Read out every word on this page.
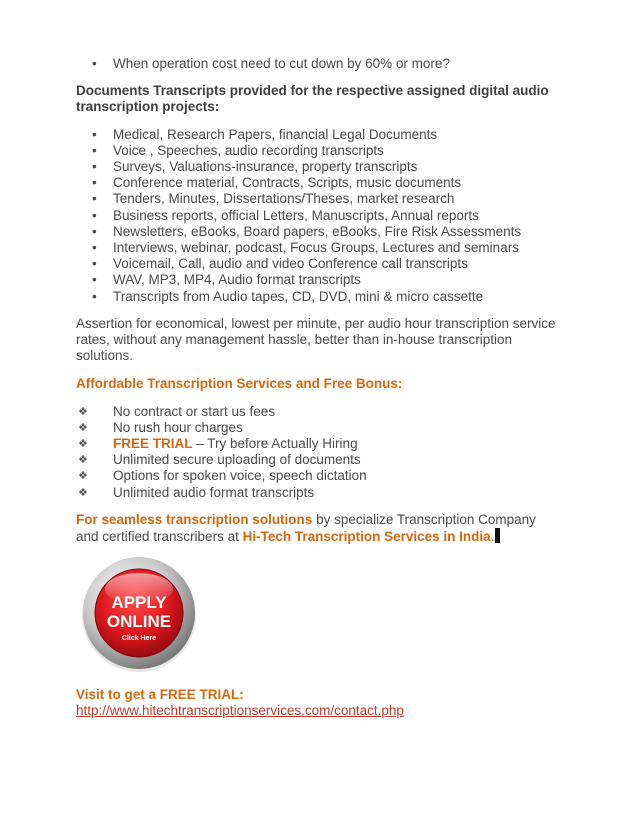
• When operation cost need to cut down by 60% or more?

Documents Transcripts provided for the respective assigned digital audio transcription projects:

• Medical, Research Papers, financial Legal Documents
• Voice , Speeches, audio recording transcripts
• Surveys, Valuations-insurance, property transcripts
• Conference material, Contracts, Scripts, music documents
• Tenders, Minutes, Dissertations/Theses, market research
• Business reports, official Letters, Manuscripts, Annual reports
• Newsletters, eBooks, Board papers, eBooks, Fire Risk Assessments
• Interviews, webinar, podcast, Focus Groups, Lectures and seminars
• Voicemail, Call, audio and video Conference call transcripts
• WAV, MP3, MP4, Audio format transcripts
• Transcripts from Audio tapes, CD, DVD, mini & micro cassette

Assertion for economical, lowest per minute, per audio hour transcription service rates, without any management hassle, better than in-house transcription solutions.

Affordable Transcription Services and Free Bonus:

❖ No contract or start us fees
❖ No rush hour charges
❖ FREE TRIAL – Try before Actually Hiring
❖ Unlimited secure uploading of documents
❖ Options for spoken voice, speech dictation
❖ Unlimited audio format transcripts

For seamless transcription solutions by specialize Transcription Company and certified transcribers at Hi-Tech Transcription Services in India.

APPLY
ONLINE
Click Here

Visit to get a FREE TRIAL:

http://www.hitechtranscriptionservices.com/contact.php
